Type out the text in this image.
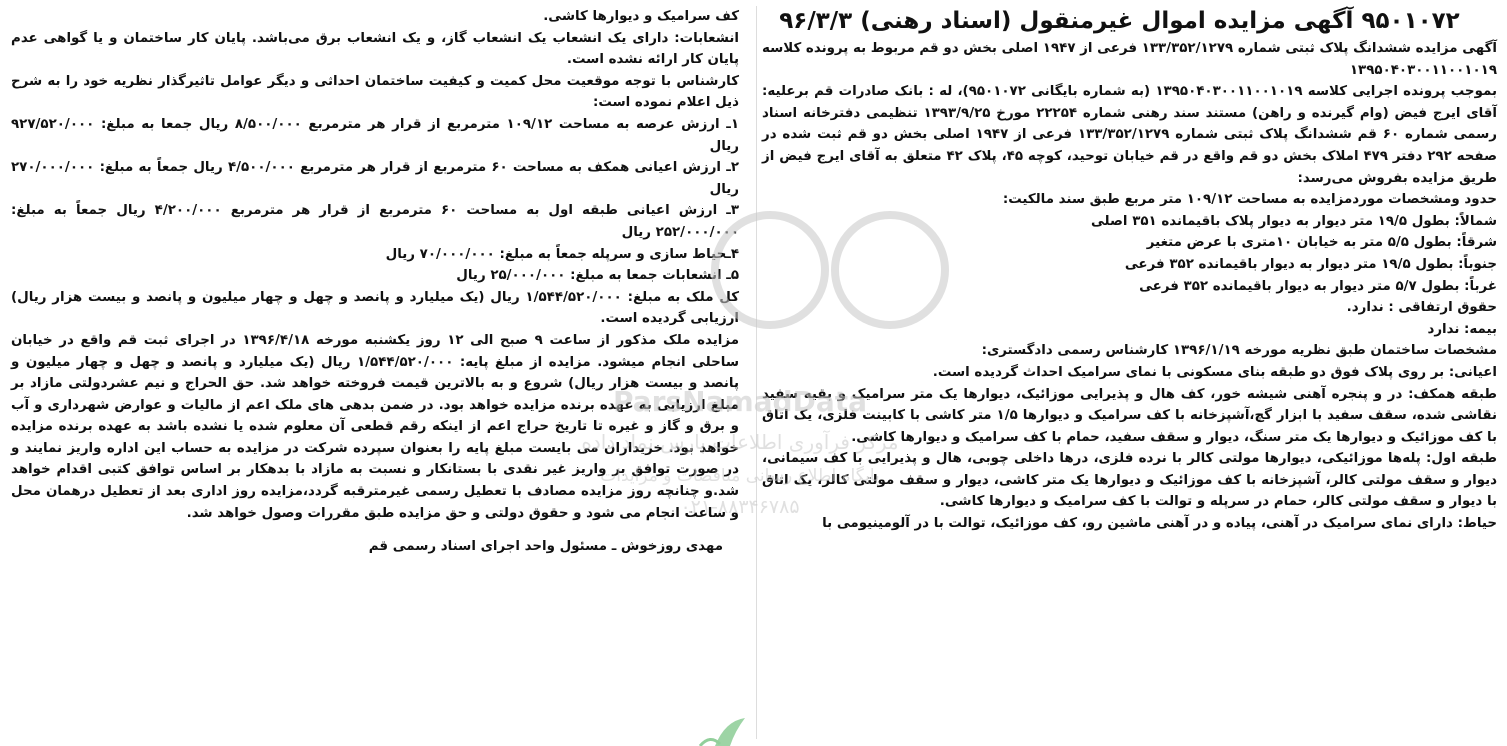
۹۵۰۱۰۷۲ آگهی مزایده اموال غیرمنقول (اسناد رهنی) ۹۶/۳/۳

آگهی مزایده ششدانگ پلاک ثبتی شماره ۱۳۳/۳۵۲/۱۲۷۹ فرعی از ۱۹۴۷ اصلی بخش دو قم مربوط به پرونده کلاسه ۱۳۹۵۰۴۰۳۰۰۱۱۰۰۱۰۱۹

بموجب پرونده اجرایی کلاسه ۱۳۹۵۰۴۰۳۰۰۱۱۰۰۱۰۱۹ (به شماره بایگانی ۹۵۰۱۰۷۲)، له : بانک صادرات قم برعلیه: آقای ایرج فیض (وام گیرنده و راهن) مستند سند رهنی شماره ۲۲۲۵۴ مورخ ۱۳۹۳/۹/۲۵ تنظیمی دفترخانه اسناد رسمی شماره ۶۰ قم ششدانگ پلاک ثبتی شماره ۱۳۳/۳۵۲/۱۲۷۹ فرعی از ۱۹۴۷ اصلی بخش دو قم ثبت شده در صفحه ۲۹۲ دفتر ۴۷۹ املاک بخش دو قم واقع در قم خیابان توحید، کوچه ۴۵، پلاک ۴۲ متعلق به آقای ایرج فیض از طریق مزایده بفروش می‌رسد:

حدود ومشخصات موردمزایده به مساحت ۱۰۹/۱۲ متر مربع طبق سند مالکیت:

شمالاً: بطول ۱۹/۵ متر دیوار به دیوار پلاک باقیمانده ۳۵۱ اصلی

شرقاً: بطول ۵/۵ متر به خیابان ۱۰متری با عرض متغیر

جنوباً: بطول ۱۹/۵ متر دیوار به دیوار باقیمانده ۳۵۲ فرعی

غرباً: بطول ۵/۷ متر دیوار به دیوار باقیمانده ۳۵۲ فرعی

حقوق ارتفاقی : ندارد.

بیمه: ندارد

مشخصات ساختمان طبق نظریه مورخه ۱۳۹۶/۱/۱۹ کارشناس رسمی دادگستری:

اعیانی: بر روی پلاک فوق دو طبقه بنای مسکونی با نمای سرامیک احداث گردیده است.

طبقه همکف: در و پنجره آهنی شیشه خور، کف هال و پذیرایی موزائیک، دیوارها یک متر سرامیک و بقیه سفید نقاشی شده، سقف سفید با ابزار گچ،آشپزخانه با کف سرامیک و دیوارها ۱/۵ متر کاشی با کابینت فلزی، یک اتاق با کف موزائیک و دیوارها یک متر سنگ، دیوار و سقف سفید، حمام با کف سرامیک و دیوارها کاشی.

طبقه اول: پله‌ها موزائیکی، دیوارها مولتی کالر با نرده فلزی، درها داخلی چوبی، هال و پذیرایی با کف سیمانی، دیوار و سقف مولتی کالر، آشپزخانه با کف موزائیک و دیوارها یک متر کاشی، دیوار و سقف مولتی کالر، یک اتاق با دیوار و سقف مولتی کالر، حمام در سرپله و توالت با کف سرامیک و دیوارها کاشی.

حیاط: دارای نمای سرامیک در آهنی، پیاده و در آهنی ماشین رو، کف موزائیک، توالت با در آلومینیومی با

کف سرامیک و دیوارها کاشی.

انشعابات: دارای یک انشعاب یک انشعاب گاز، و یک انشعاب برق می‌باشد. پایان کار ساختمان و یا گواهی عدم پایان کار ارائه نشده است.

کارشناس با توجه موقعیت محل کمیت و کیفیت ساختمان احداثی و دیگر عوامل تاثیرگذار نظریه خود را به شرح ذیل اعلام نموده است:

۱ـ ارزش عرصه به مساحت ۱۰۹/۱۲ مترمربع از قرار هر مترمربع ۸/۵۰۰/۰۰۰ ریال جمعا به مبلغ: ۹۲۷/۵۲۰/۰۰۰ ریال

۲ـ ارزش اعیانی همکف به مساحت ۶۰ مترمربع از قرار هر مترمربع ۴/۵۰۰/۰۰۰ ریال جمعاً به مبلغ: ۲۷۰/۰۰۰/۰۰۰ ریال

۳ـ ارزش اعیانی طبقه اول به مساحت ۶۰ مترمربع از قرار هر مترمربع ۴/۲۰۰/۰۰۰ ریال جمعاً به مبلغ: ۲۵۲/۰۰۰/۰۰۰ ریال

۴ـحیاط سازی و سرپله جمعاً به مبلغ: ۷۰/۰۰۰/۰۰۰ ریال

۵ـ انشعابات جمعا به مبلغ: ۲۵/۰۰۰/۰۰۰ ریال

کل ملک به مبلغ: ۱/۵۴۴/۵۲۰/۰۰۰ ریال (یک میلیارد و پانصد و چهل و چهار میلیون و پانصد و بیست هزار ریال) ارزیابی گردیده است.

مزایده ملک مذکور از ساعت ۹ صبح الی ۱۲ روز یکشنبه مورخه ۱۳۹۶/۴/۱۸ در اجرای ثبت قم واقع در خیابان ساحلی انجام میشود. مزایده از مبلغ پایه: ۱/۵۴۴/۵۲۰/۰۰۰ ریال (یک میلیارد و پانصد و چهل و چهار میلیون و پانصد و بیست هزار ریال) شروع و به بالاترین قیمت فروخته خواهد شد. حق الحراج و نیم عشردولتی مازاد بر مبلغ ارزیابی به عهده برنده مزایده خواهد بود. در ضمن بدهی های ملک اعم از مالیات و عوارض شهرداری و آب و برق و گاز و غیره تا تاریخ حراج اعم از اینکه رقم قطعی آن معلوم شده یا نشده باشد به عهده برنده مزایده خواهد بود. خریداران می بایست مبلغ پایه را بعنوان سپرده شرکت در مزایده به حساب این اداره واریز نمایند و در صورت توافق بر واریز غیر نقدی با بستانکار و نسبت به مازاد با بدهکار بر اساس توافق کتبی اقدام خواهد شد.و چنانچه روز مزایده مصادف با تعطیل رسمی غیرمترقبه گردد،مزایده روز اداری بعد از تعطیل درهمان محل و ساعت انجام می شود و حقوق دولتی و حق مزایده طبق مقررات وصول خواهد شد.

مهدی روزخوش ـ مسئول واحد اجرای اسناد رسمی قم

ParsNamadData
مرکز فرآوری اطلاعات پارس نماد داده
پایگاه اطلاع رسانی مناقصات و مزایدات
۰۲۱-۸۸۳۴۶۷۸۵
